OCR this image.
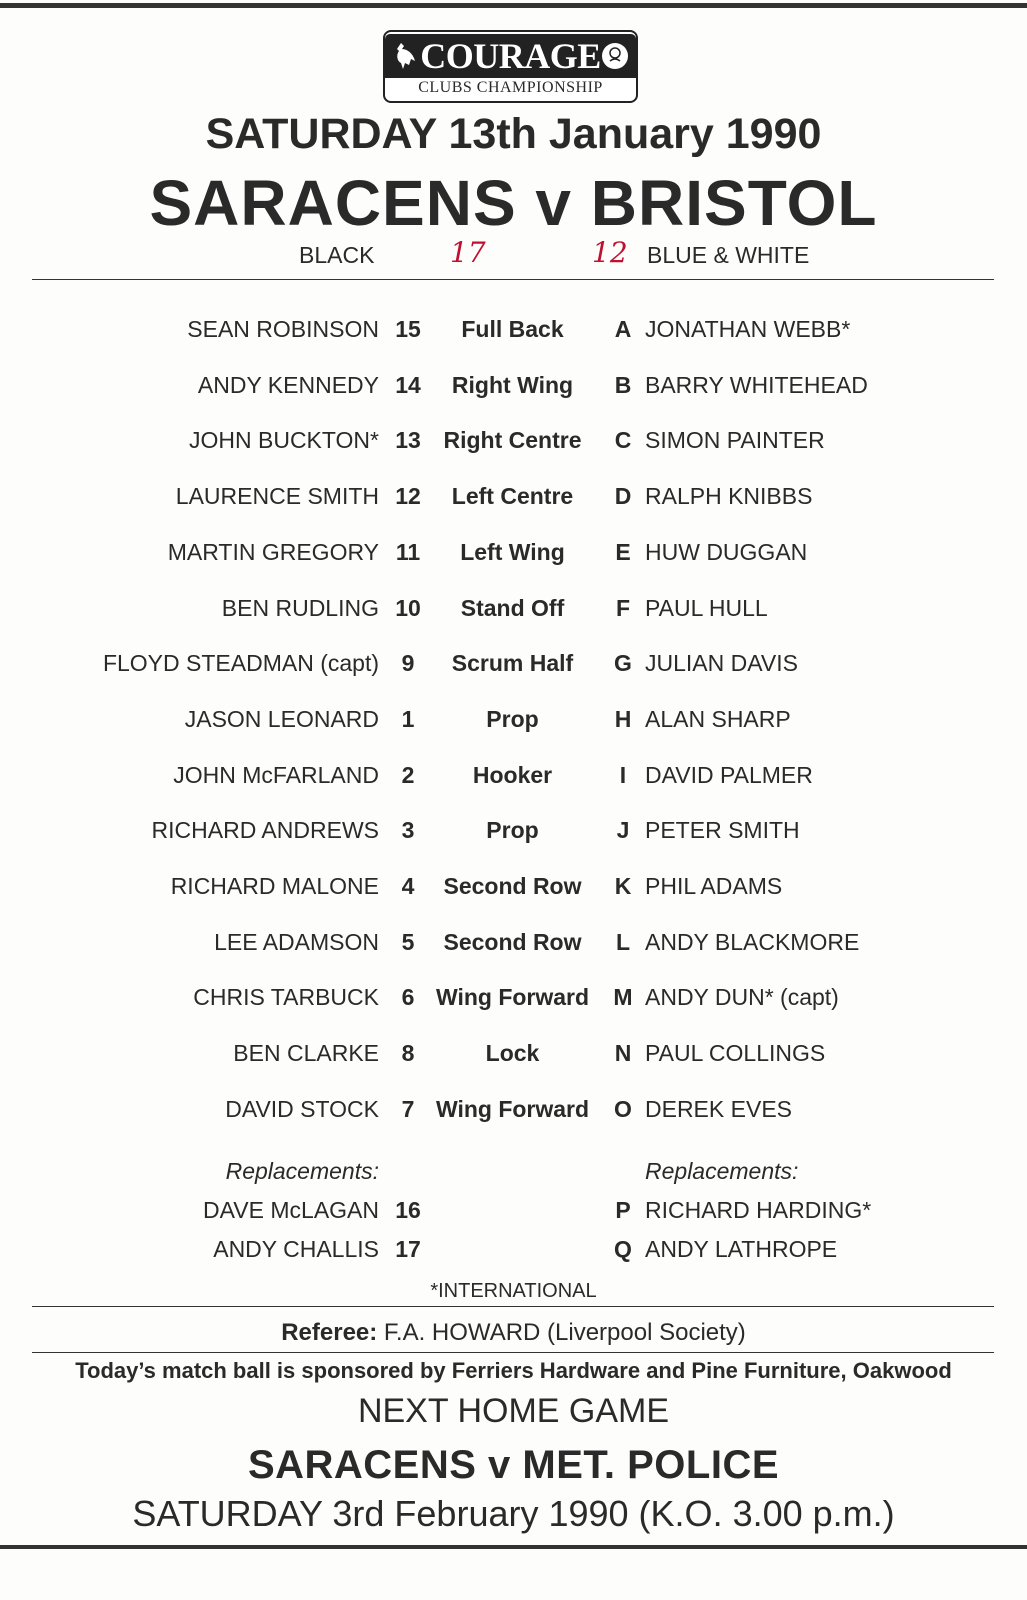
COURAGE
CLUBS CHAMPIONSHIP
SATURDAY 13th January 1990
SARACENS v BRISTOL
BLACK	17	12 BLUE & WHITE
SEAN ROBINSON 15	Full Back	A JONATHAN WEBB*
ANDY KENNEDY 14	Right Wing	B BARRY WHITEHEAD
JOHN BUCKTON* 13 Right Centre	C SIMON PAINTER
LAURENCE SMITH 12	Left Centre	D RALPH KNIBBS
MARTIN GREGORY 11	Left Wing	E HUW DUGGAN
BEN RUDLING 10	Stand Off	F PAUL HULL
FLOYD STEADMAN (capt) 9	Scrum Half	G JULIAN DAVIS
JASON LEONARD 1	Prop	H ALAN SHARP
JOHN McFARLAND 2	Hooker	I DAVID PALMER
RICHARD ANDREWS 3	Prop	J PETER SMITH
RICHARD MALONE 4	Second Row	K PHIL ADAMS
LEE ADAMSON 5	Second Row	L ANDY BLACKMORE
CHRIS TARBUCK 6 Wing Forward	M ANDY DUN* (capt)
BEN CLARKE 8	Lock	N PAUL COLLINGS
DAVID STOCK 7 Wing Forward	O DEREK EVES
Replacements:	Replacements:
DAVE McLAGAN 16	P RICHARD HARDING*
ANDY CHALLIS 17	Q ANDY LATHROPE
*INTERNATIONAL
Referee: F.A. HOWARD (Liverpool Society)
Today’s match ball is sponsored by Ferriers Hardware and Pine Furniture, Oakwood
NEXT HOME GAME
SARACENS v MET. POLICE
SATURDAY 3rd February 1990 (K.O. 3.00 p.m.)
